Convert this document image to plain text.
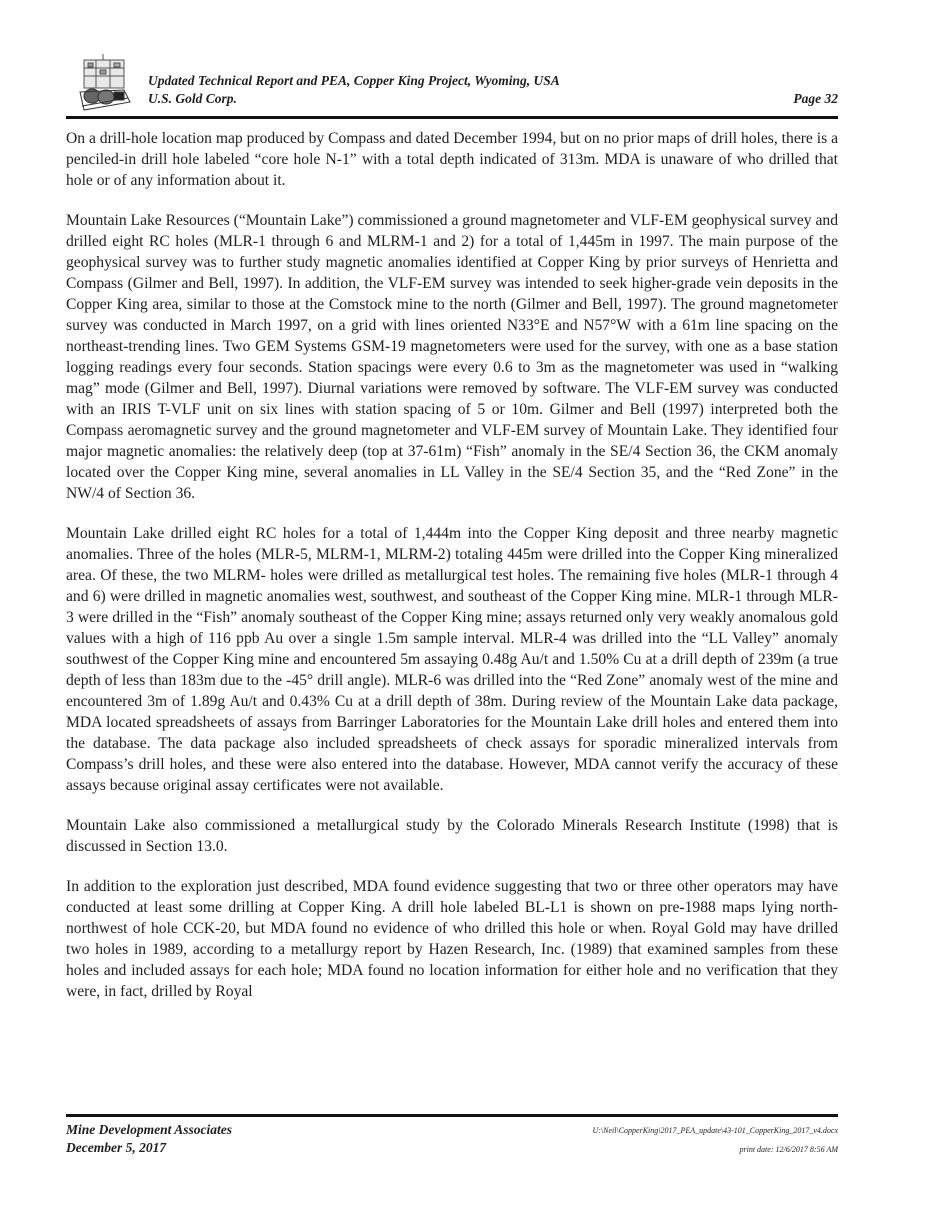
Updated Technical Report and PEA, Copper King Project, Wyoming, USA
U.S. Gold Corp.	Page 32

On a drill-hole location map produced by Compass and dated December 1994, but on no prior maps of drill holes, there is a penciled-in drill hole labeled “core hole N-1” with a total depth indicated of 313m. MDA is unaware of who drilled that hole or of any information about it.

Mountain Lake Resources (“Mountain Lake”) commissioned a ground magnetometer and VLF-EM geophysical survey and drilled eight RC holes (MLR-1 through 6 and MLRM-1 and 2) for a total of 1,445m in 1997. The main purpose of the geophysical survey was to further study magnetic anomalies identified at Copper King by prior surveys of Henrietta and Compass (Gilmer and Bell, 1997). In addition, the VLF-EM survey was intended to seek higher-grade vein deposits in the Copper King area, similar to those at the Comstock mine to the north (Gilmer and Bell, 1997). The ground magnetometer survey was conducted in March 1997, on a grid with lines oriented N33°E and N57°W with a 61m line spacing on the northeast-trending lines. Two GEM Systems GSM-19 magnetometers were used for the survey, with one as a base station logging readings every four seconds. Station spacings were every 0.6 to 3m as the magnetometer was used in “walking mag” mode (Gilmer and Bell, 1997). Diurnal variations were removed by software. The VLF-EM survey was conducted with an IRIS T-VLF unit on six lines with station spacing of 5 or 10m. Gilmer and Bell (1997) interpreted both the Compass aeromagnetic survey and the ground magnetometer and VLF-EM survey of Mountain Lake. They identified four major magnetic anomalies: the relatively deep (top at 37-61m) “Fish” anomaly in the SE/4 Section 36, the CKM anomaly located over the Copper King mine, several anomalies in LL Valley in the SE/4 Section 35, and the “Red Zone” in the NW/4 of Section 36.

Mountain Lake drilled eight RC holes for a total of 1,444m into the Copper King deposit and three nearby magnetic anomalies. Three of the holes (MLR-5, MLRM-1, MLRM-2) totaling 445m were drilled into the Copper King mineralized area. Of these, the two MLRM- holes were drilled as metallurgical test holes. The remaining five holes (MLR-1 through 4 and 6) were drilled in magnetic anomalies west, southwest, and southeast of the Copper King mine. MLR-1 through MLR-3 were drilled in the “Fish” anomaly southeast of the Copper King mine; assays returned only very weakly anomalous gold values with a high of 116 ppb Au over a single 1.5m sample interval. MLR-4 was drilled into the “LL Valley” anomaly southwest of the Copper King mine and encountered 5m assaying 0.48g Au/t and 1.50% Cu at a drill depth of 239m (a true depth of less than 183m due to the -45° drill angle). MLR-6 was drilled into the “Red Zone” anomaly west of the mine and encountered 3m of 1.89g Au/t and 0.43% Cu at a drill depth of 38m. During review of the Mountain Lake data package, MDA located spreadsheets of assays from Barringer Laboratories for the Mountain Lake drill holes and entered them into the database. The data package also included spreadsheets of check assays for sporadic mineralized intervals from Compass’s drill holes, and these were also entered into the database. However, MDA cannot verify the accuracy of these assays because original assay certificates were not available.

Mountain Lake also commissioned a metallurgical study by the Colorado Minerals Research Institute (1998) that is discussed in Section 13.0.

In addition to the exploration just described, MDA found evidence suggesting that two or three other operators may have conducted at least some drilling at Copper King. A drill hole labeled BL-L1 is shown on pre-1988 maps lying north-northwest of hole CCK-20, but MDA found no evidence of who drilled this hole or when. Royal Gold may have drilled two holes in 1989, according to a metallurgy report by Hazen Research, Inc. (1989) that examined samples from these holes and included assays for each hole; MDA found no location information for either hole and no verification that they were, in fact, drilled by Royal

Mine Development Associates
December 5, 2017
U:\Neil\CopperKing\2017_PEA_update\43-101_CopperKing_2017_v4.docx
print date: 12/6/2017 8:56 AM
